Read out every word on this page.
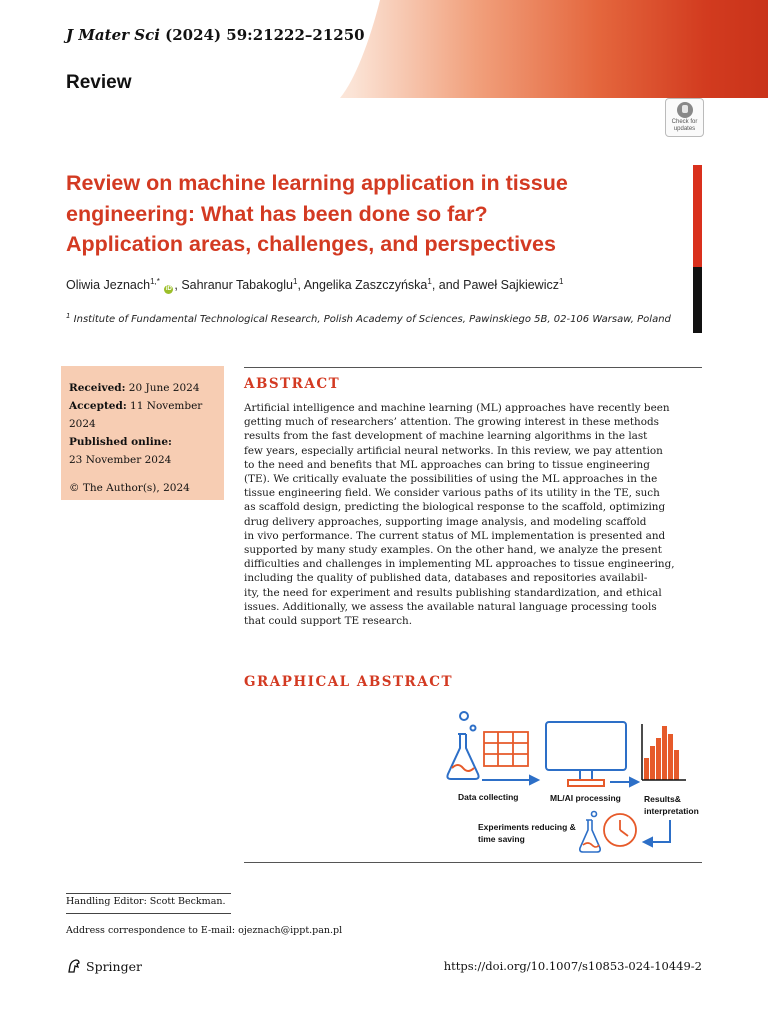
J Mater Sci (2024) 59:21222–21250
Review
Check for
updates
Review on machine learning application in tissue
engineering: What has been done so far?
Application areas, challenges, and perspectives
Oliwia Jeznach$^{1,*}$ iD , Sahranur Tabakoglu$^1$, Angelika Zaszczyńska$^1$, and Paweł Sajkiewicz$^1$
$^1$ Institute of Fundamental Technological Research, Polish Academy of Sciences, Pawinskiego 5B, 02-106 Warsaw, Poland
Received: 20 June 2024
Accepted: 11 November 2024
Published online:
23 November 2024
© The Author(s), 2024
ABSTRACT
Artificial intelligence and machine learning (ML) approaches have recently been
getting much of researchers’ attention. The growing interest in these methods
results from the fast development of machine learning algorithms in the last
few years, especially artificial neural networks. In this review, we pay attention
to the need and benefits that ML approaches can bring to tissue engineering
(TE). We critically evaluate the possibilities of using the ML approaches in the
tissue engineering field. We consider various paths of its utility in the TE, such
as scaffold design, predicting the biological response to the scaffold, optimizing
drug delivery approaches, supporting image analysis, and modeling scaffold
in vivo performance. The current status of ML implementation is presented and
supported by many study examples. On the other hand, we analyze the present
difficulties and challenges in implementing ML approaches to tissue engineering,
including the quality of published data, databases and repositories availabil-
ity, the need for experiment and results publishing standardization, and ethical
issues. Additionally, we assess the available natural language processing tools
that could support TE research.
GRAPHICAL ABSTRACT
Data collecting	ML/AI processing	Results&
interpretation
Experiments reducing &
time saving
Handling Editor: Scott Beckman.
Address correspondence to E-mail: ojeznach@ippt.pan.pl
Springer	https://doi.org/10.1007/s10853-024-10449-2
